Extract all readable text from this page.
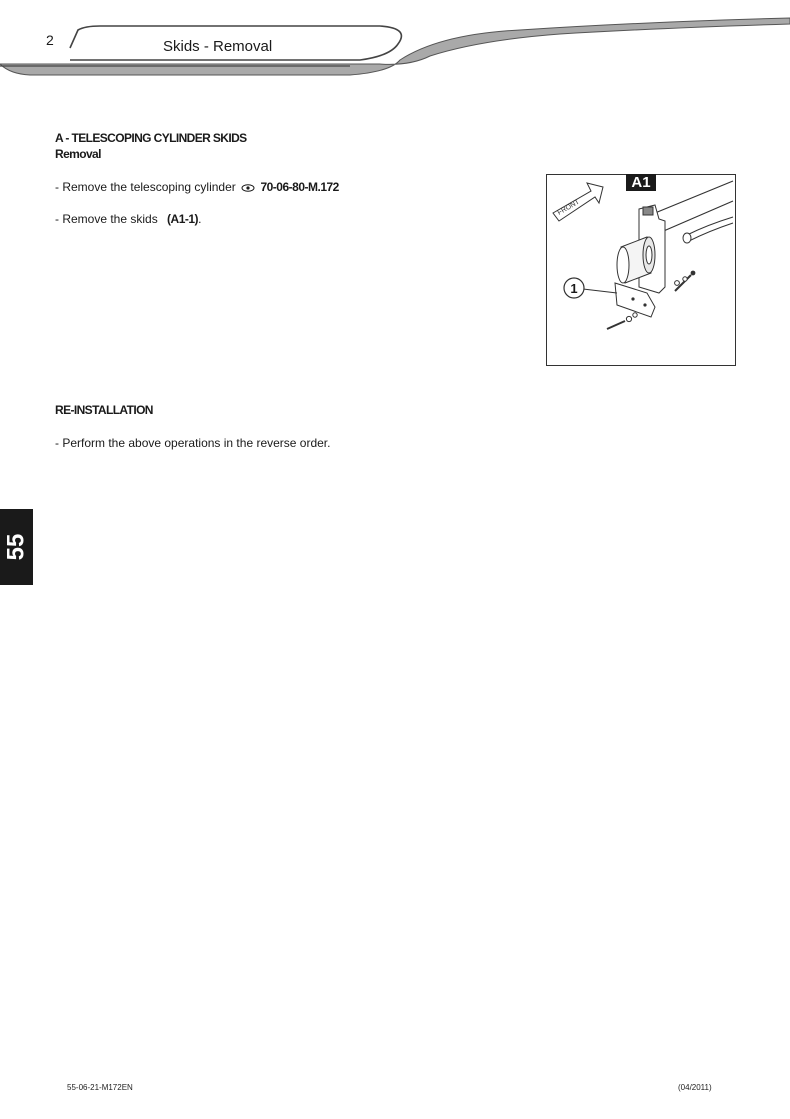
2	Skids - Removal
A - TELESCOPING CYLINDER SKIDS
Removal
- Remove the telescoping cylinder 70-06-80-M.172
- Remove the skids (A1-1).
FRONT
1
A1
RE-INSTALLATION
- Perform the above operations in the reverse order.
55
55-06-21-M172EN	(04/2011)
